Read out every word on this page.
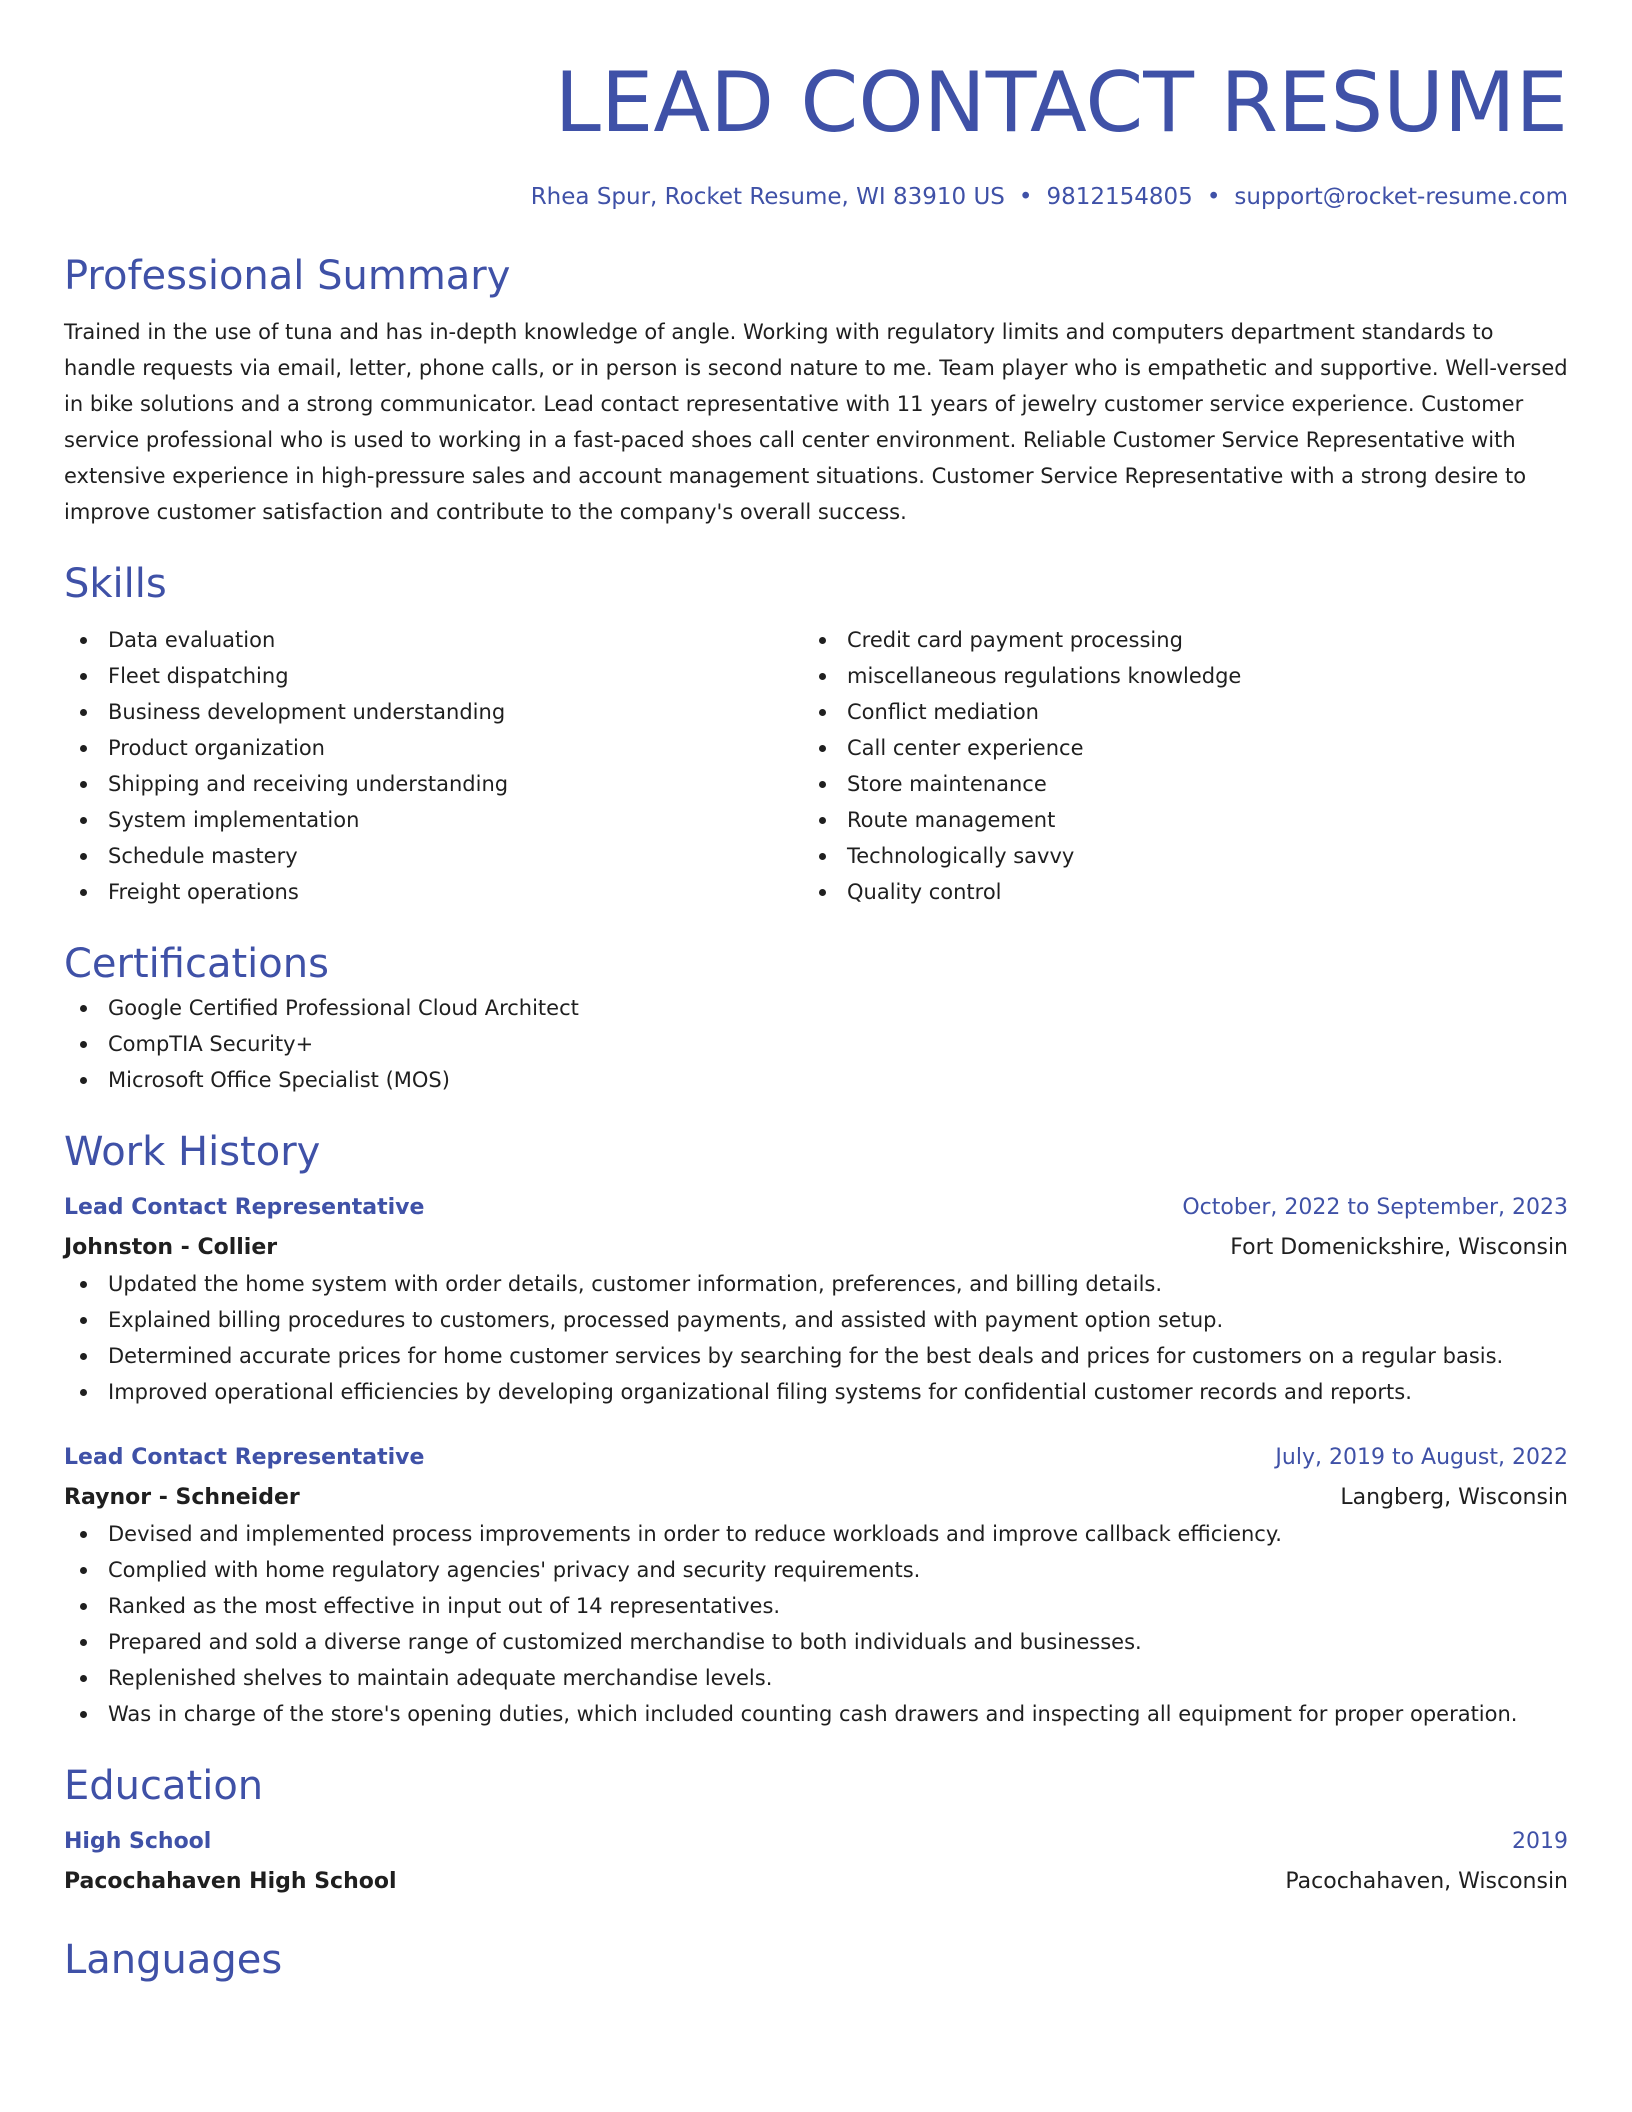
LEAD CONTACT RESUME
Rhea Spur, Rocket Resume, WI 83910 US • 9812154805 • support@rocket-resume.com
Professional Summary

Trained in the use of tuna and has in-depth knowledge of angle. Working with regulatory limits and computers department standards to handle requests via email, letter, phone calls, or in person is second nature to me. Team player who is empathetic and supportive. Well-versed in bike solutions and a strong communicator. Lead contact representative with 11 years of jewelry customer service experience. Customer service professional who is used to working in a fast-paced shoes call center environment. Reliable Customer Service Representative with extensive experience in high-pressure sales and account management situations. Customer Service Representative with a strong desire to improve customer satisfaction and contribute to the company's overall success.

Skills
Data evaluation
Fleet dispatching
Business development understanding
Product organization
Shipping and receiving understanding
System implementation
Schedule mastery
Freight operations
Credit card payment processing
miscellaneous regulations knowledge
Conflict mediation
Call center experience
Store maintenance
Route management
Technologically savvy
Quality control
Certifications
Google Certified Professional Cloud Architect
CompTIA Security+
Microsoft Office Specialist (MOS)
Work History
Lead Contact Representative	October, 2022 to September, 2023
Johnston - Collier	Fort Domenickshire, Wisconsin
Updated the home system with order details, customer information, preferences, and billing details.
Explained billing procedures to customers, processed payments, and assisted with payment option setup.
Determined accurate prices for home customer services by searching for the best deals and prices for customers on a regular basis.
Improved operational efficiencies by developing organizational filing systems for confidential customer records and reports.
Lead Contact Representative	July, 2019 to August, 2022
Raynor - Schneider	Langberg, Wisconsin
Devised and implemented process improvements in order to reduce workloads and improve callback efficiency.
Complied with home regulatory agencies' privacy and security requirements.
Ranked as the most effective in input out of 14 representatives.
Prepared and sold a diverse range of customized merchandise to both individuals and businesses.
Replenished shelves to maintain adequate merchandise levels.
Was in charge of the store's opening duties, which included counting cash drawers and inspecting all equipment for proper operation.
Education
High School	2019
Pacochahaven High School	Pacochahaven, Wisconsin
Languages
